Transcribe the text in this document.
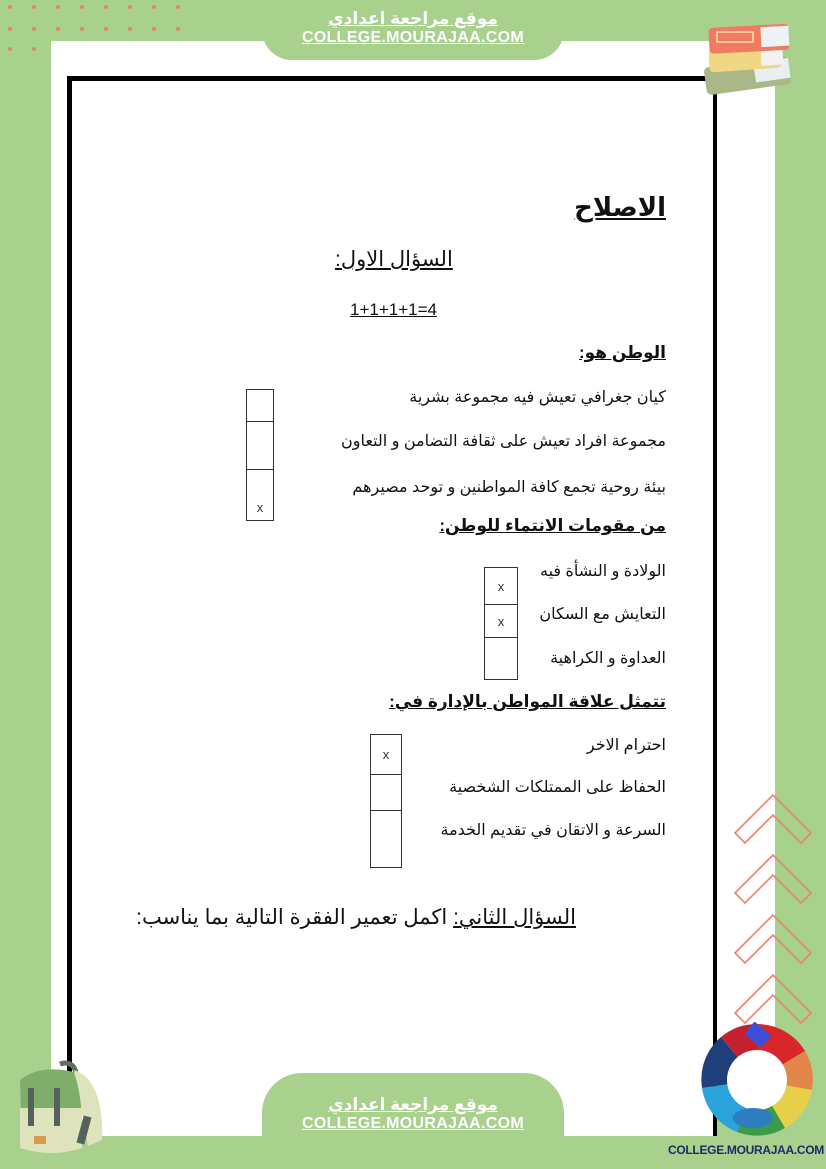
موقع مراجعة اعدادي
COLLEGE.MOURAJAA.COM
موقع مراجعة اعدادي
COLLEGE.MOURAJAA.COM
COLLEGE.MOURAJAA.COM
الاصلاح
السؤال الاول:
1+1+1+1=4
الوطن هو:
كيان جغرافي تعيش فيه مجموعة بشرية
مجموعة افراد تعيش على ثقافة التضامن و التعاون
بيئة روحية تجمع كافة المواطنين و توحد مصيرهم
x
من مقومات الانتماء للوطن:
الولادة و النشأة فيه
التعايش مع السكان
العداوة و الكراهية
x
x
تتمثل علاقة المواطن بالإدارة في:
احترام الاخر
الحفاظ على الممتلكات الشخصية
السرعة و الاتقان في تقديم الخدمة
x
السؤال الثاني: اكمل تعمير الفقرة التالية بما يناسب:
